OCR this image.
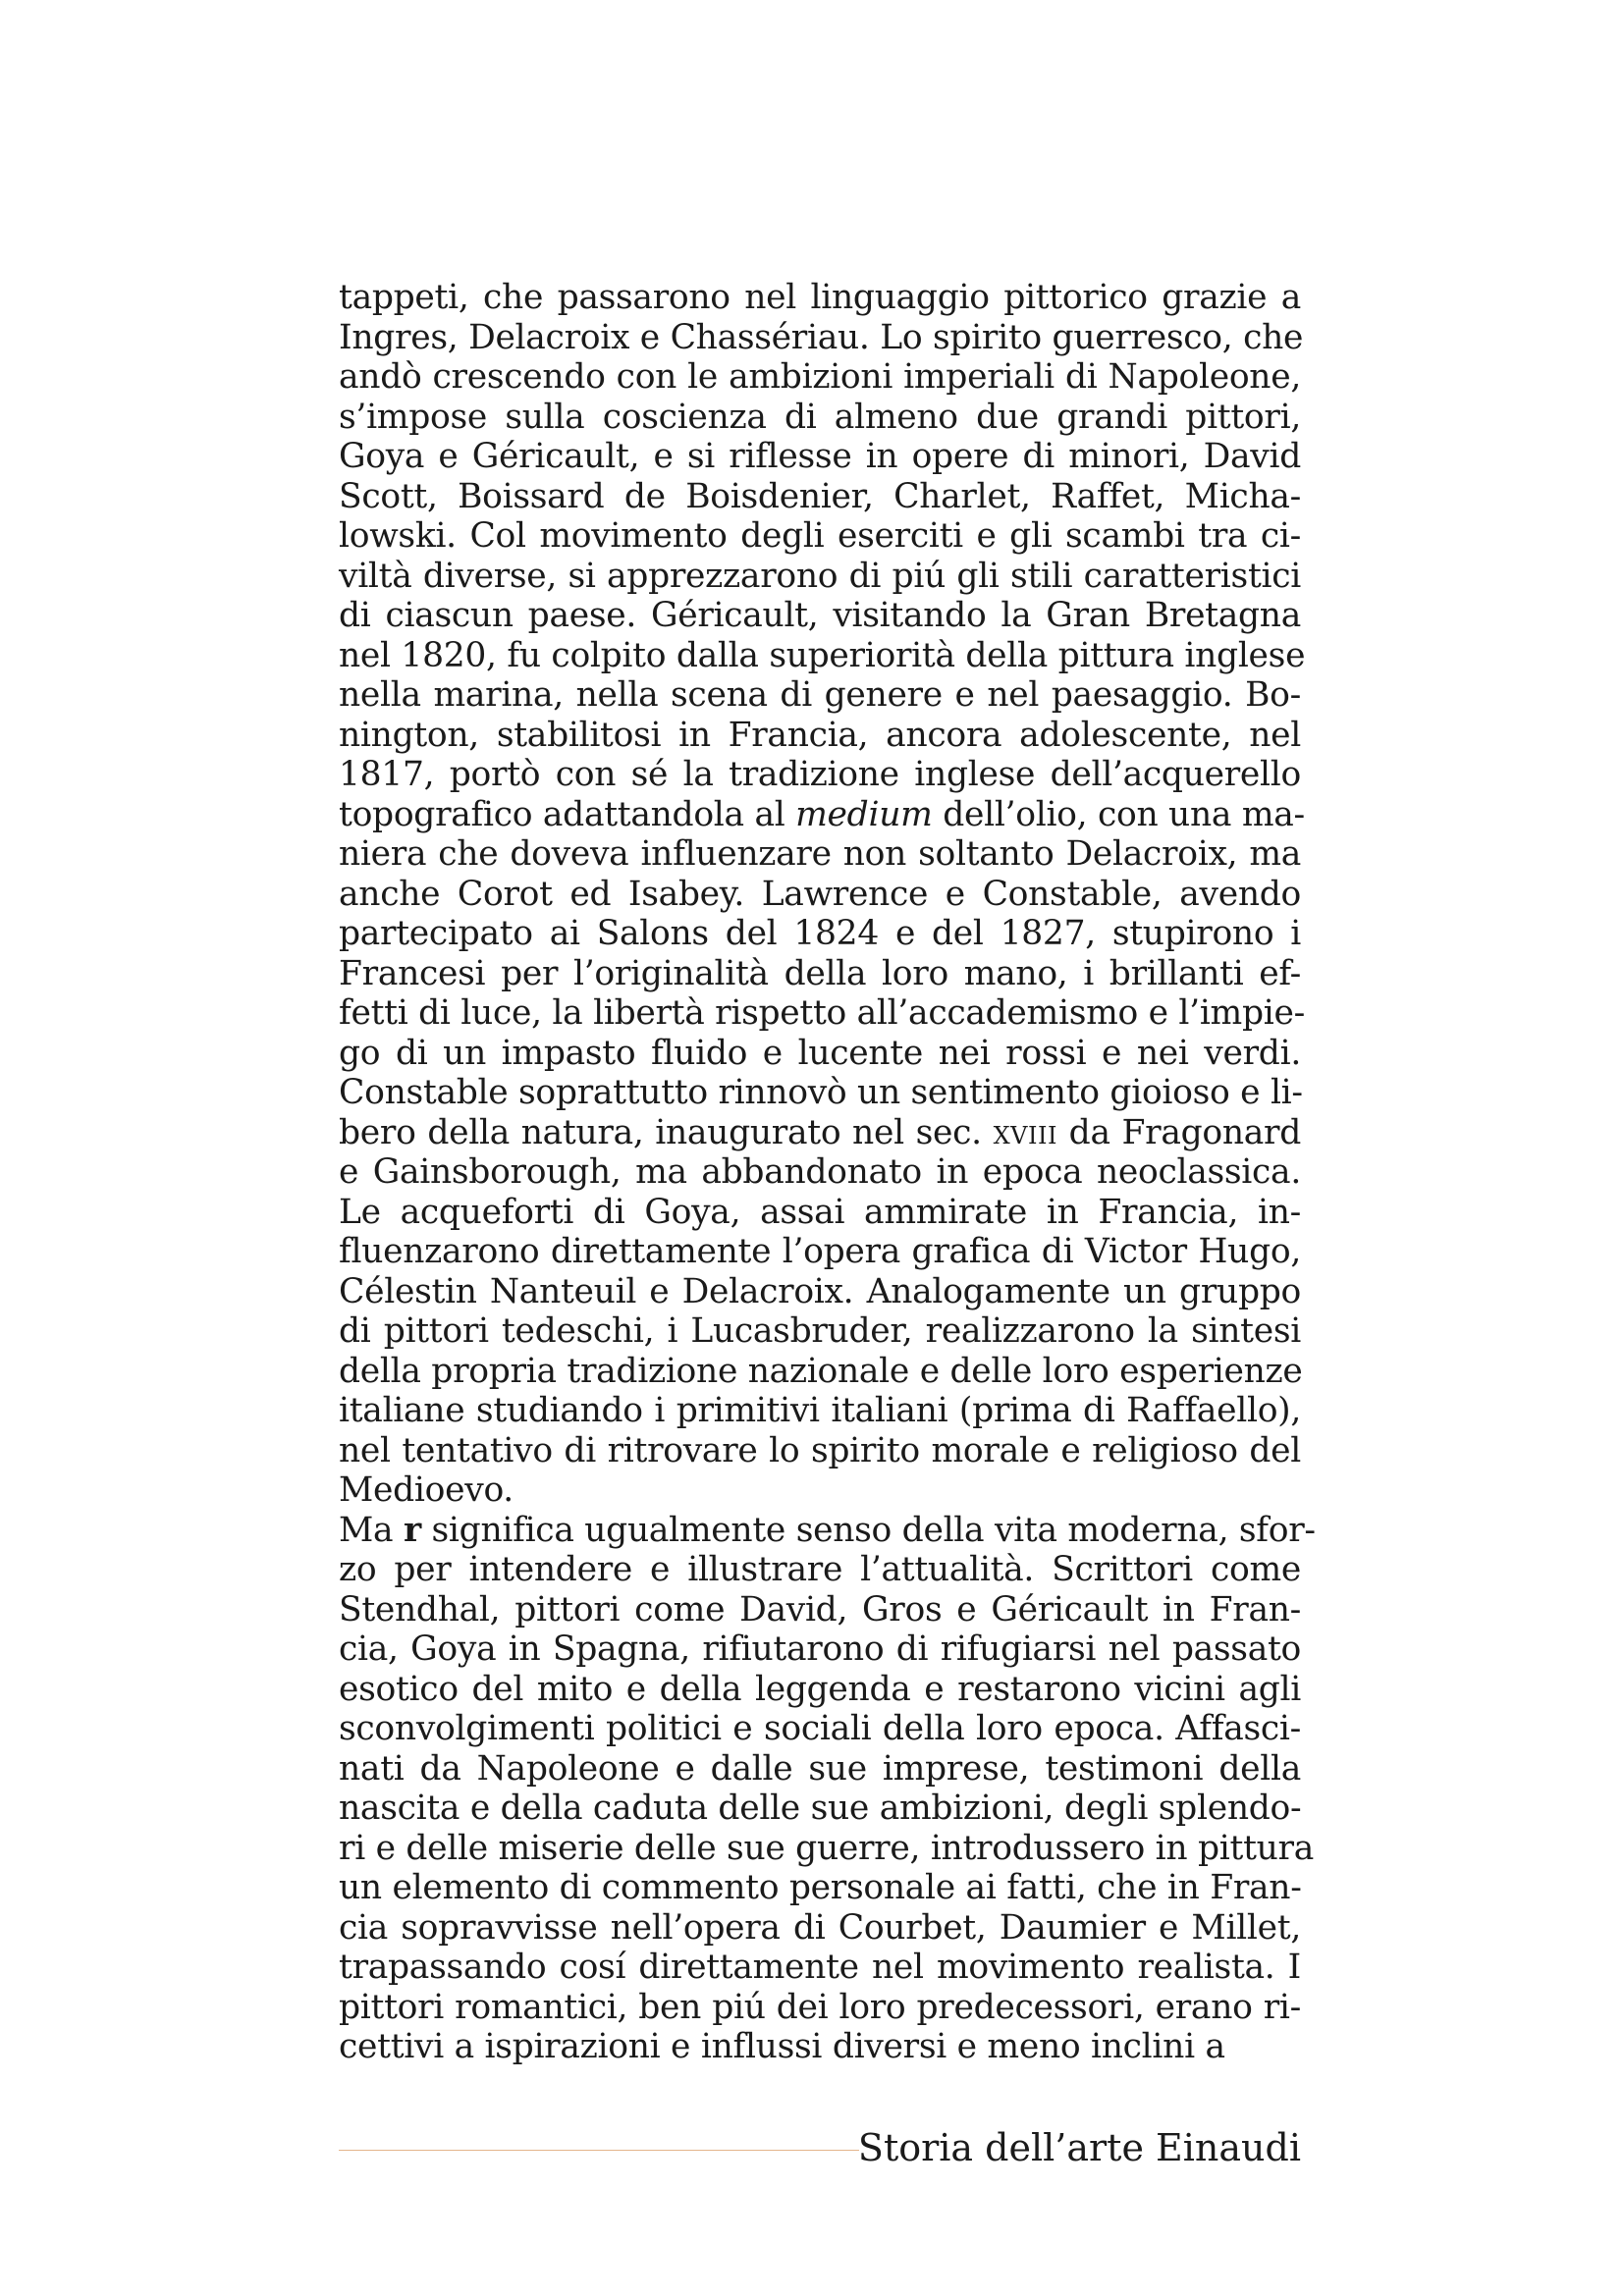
tappeti, che passarono nel linguaggio pittorico grazie a
Ingres, Delacroix e Chassériau. Lo spirito guerresco, che
andò crescendo con le ambizioni imperiali di Napoleone,
s’impose sulla coscienza di almeno due grandi pittori,
Goya e Géricault, e si riflesse in opere di minori, David
Scott, Boissard de Boisdenier, Charlet, Raffet, Micha-
lowski. Col movimento degli eserciti e gli scambi tra ci-
viltà diverse, si apprezzarono di piú gli stili caratteristici
di ciascun paese. Géricault, visitando la Gran Bretagna
nel 1820, fu colpito dalla superiorità della pittura inglese
nella marina, nella scena di genere e nel paesaggio. Bo-
nington, stabilitosi in Francia, ancora adolescente, nel
1817, portò con sé la tradizione inglese dell’acquerello
topografico adattandola al medium dell’olio, con una ma-
niera che doveva influenzare non soltanto Delacroix, ma
anche Corot ed Isabey. Lawrence e Constable, avendo
partecipato ai Salons del 1824 e del 1827, stupirono i
Francesi per l’originalità della loro mano, i brillanti ef-
fetti di luce, la libertà rispetto all’accademismo e l’impie-
go di un impasto fluido e lucente nei rossi e nei verdi.
Constable soprattutto rinnovò un sentimento gioioso e li-
bero della natura, inaugurato nel sec. xviii da Fragonard
e Gainsborough, ma abbandonato in epoca neoclassica.
Le acqueforti di Goya, assai ammirate in Francia, in-
fluenzarono direttamente l’opera grafica di Victor Hugo,
Célestin Nanteuil e Delacroix. Analogamente un gruppo
di pittori tedeschi, i Lucasbruder, realizzarono la sintesi
della propria tradizione nazionale e delle loro esperienze
italiane studiando i primitivi italiani (prima di Raffaello),
nel tentativo di ritrovare lo spirito morale e religioso del
Medioevo.
Ma r significa ugualmente senso della vita moderna, sfor-
zo per intendere e illustrare l’attualità. Scrittori come
Stendhal, pittori come David, Gros e Géricault in Fran-
cia, Goya in Spagna, rifiutarono di rifugiarsi nel passato
esotico del mito e della leggenda e restarono vicini agli
sconvolgimenti politici e sociali della loro epoca. Affasci-
nati da Napoleone e dalle sue imprese, testimoni della
nascita e della caduta delle sue ambizioni, degli splendo-
ri e delle miserie delle sue guerre, introdussero in pittura
un elemento di commento personale ai fatti, che in Fran-
cia sopravvisse nell’opera di Courbet, Daumier e Millet,
trapassando cosí direttamente nel movimento realista. I
pittori romantici, ben piú dei loro predecessori, erano ri-
cettivi a ispirazioni e influssi diversi e meno inclini a
Storia dell’arte Einaudi
